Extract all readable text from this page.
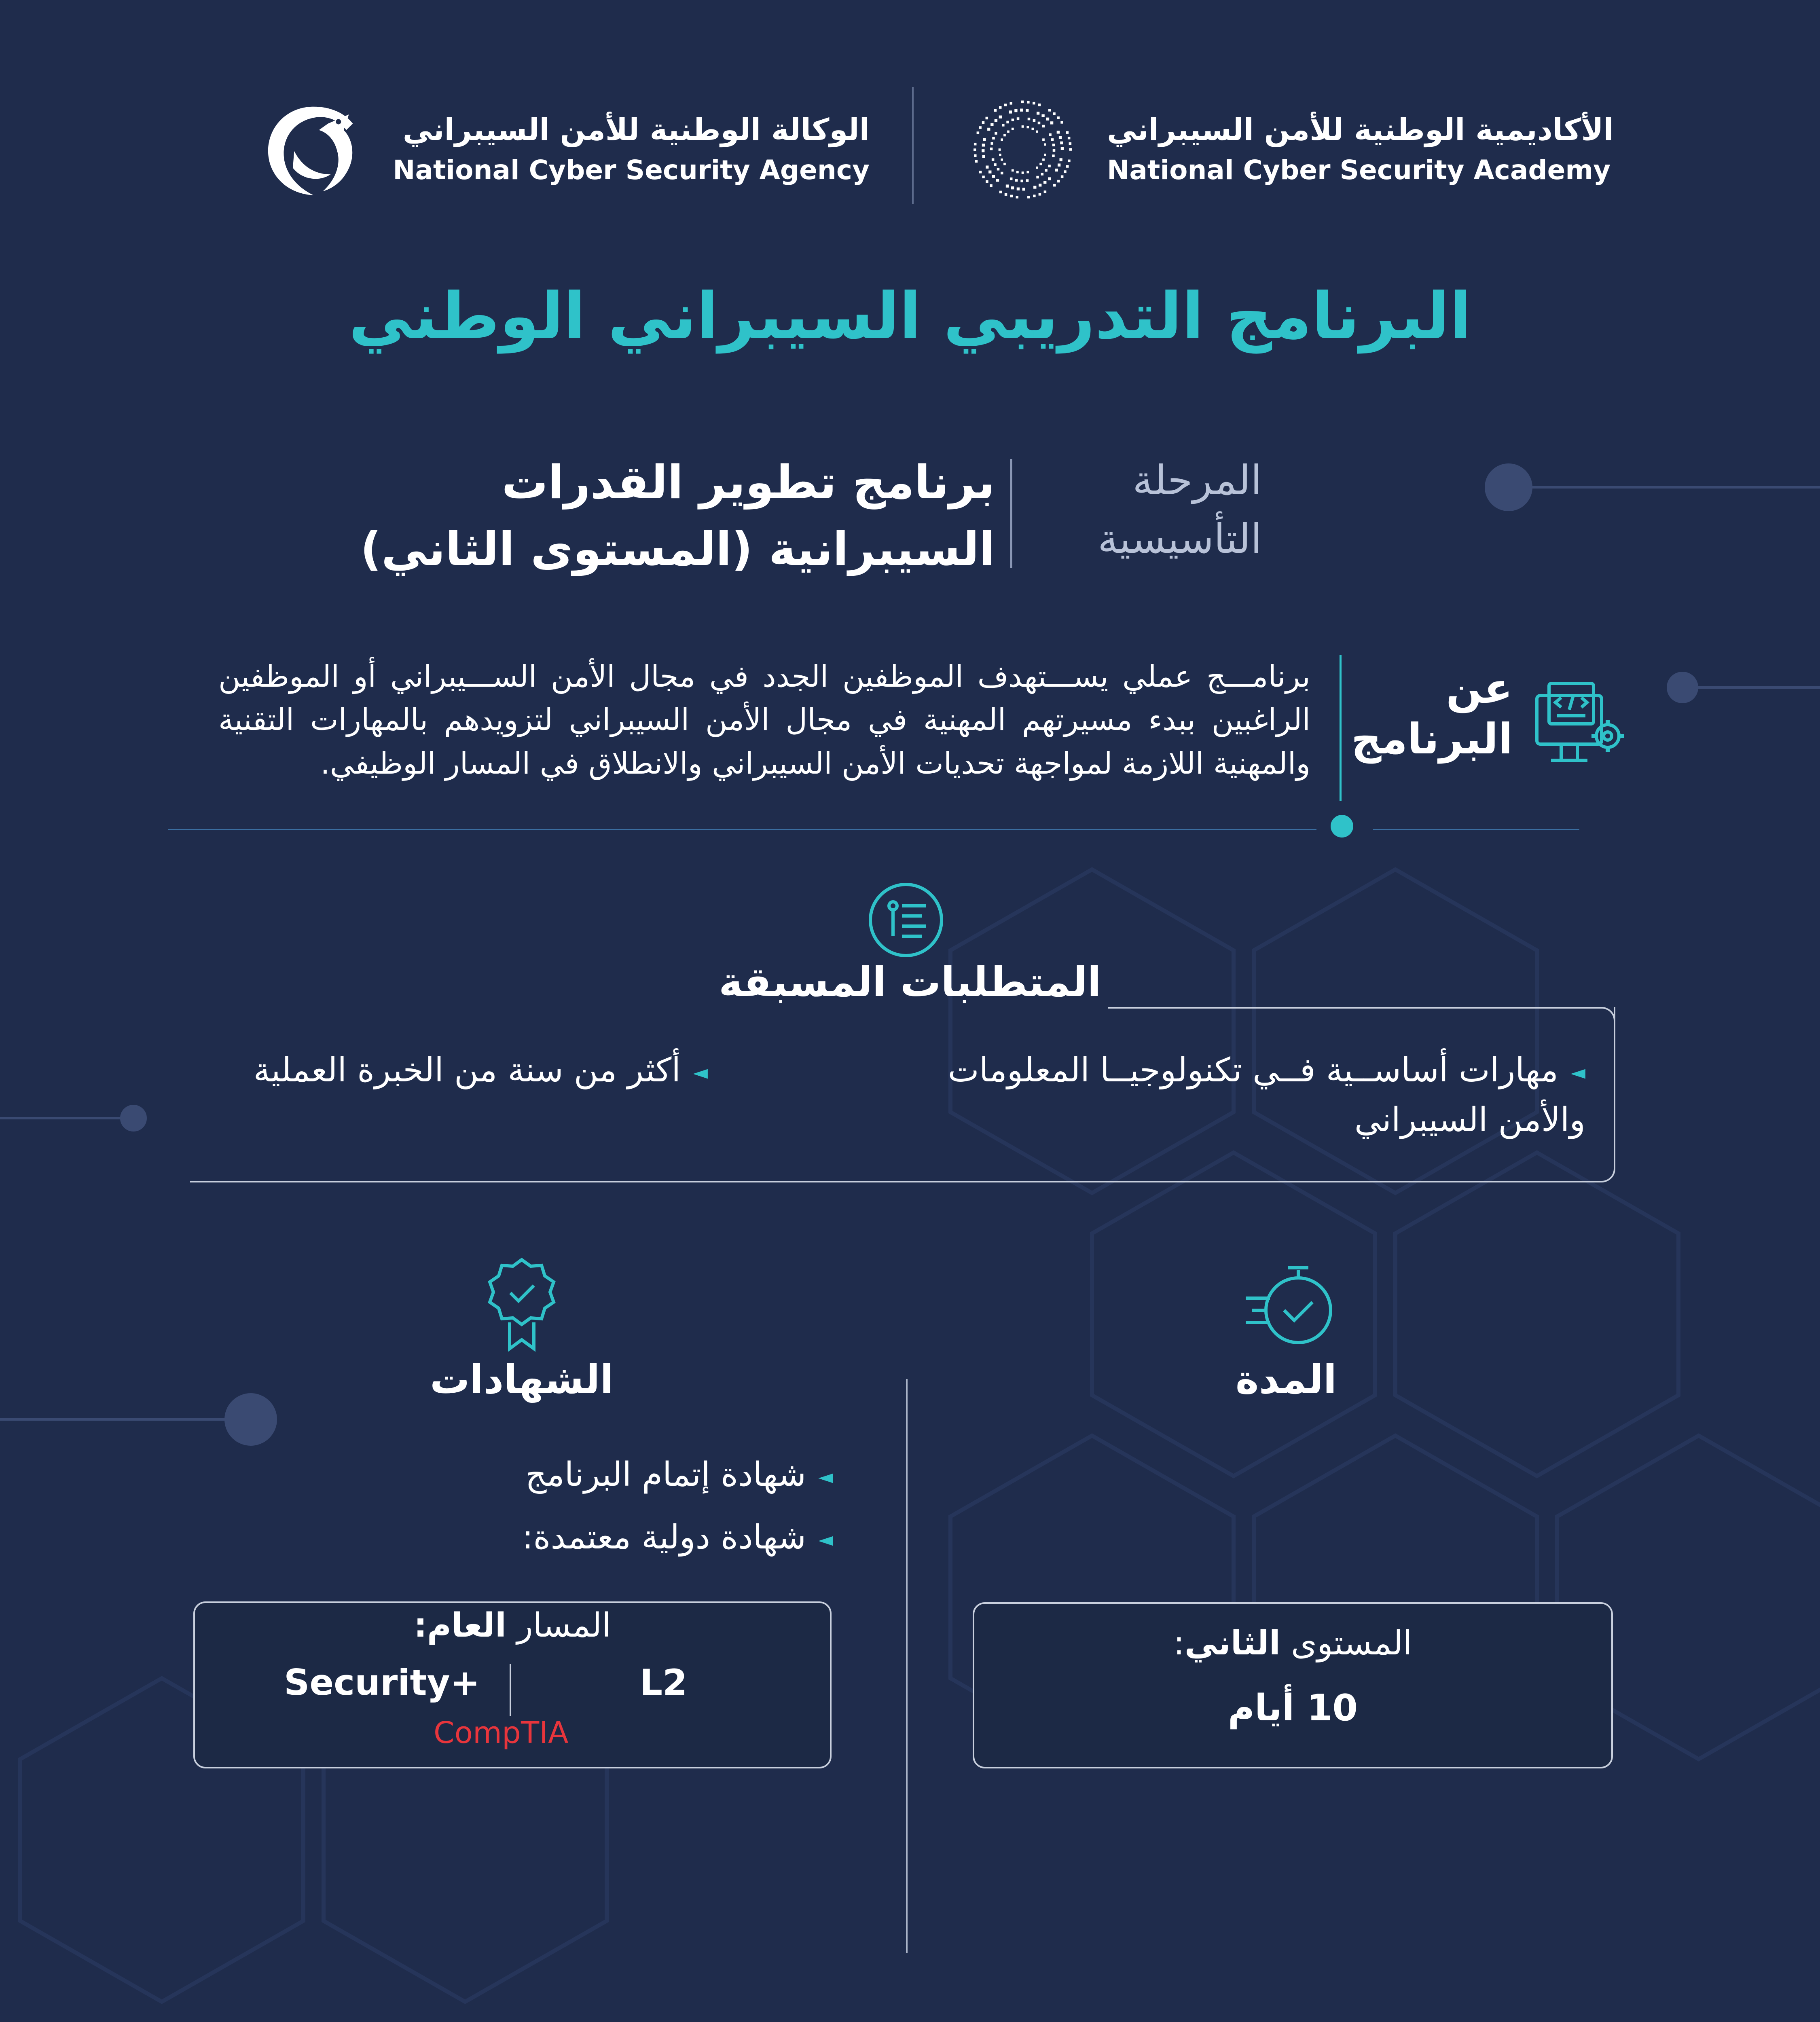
الأكاديمية الوطنية للأمن السيبراني
National Cyber Security Academy
الوكالة الوطنية للأمن السيبراني
National Cyber Security Agency
البرنامج التدريبي السيبراني الوطني
المرحلة
التأسيسية
برنامج تطوير القدرات
السيبرانية (المستوى الثاني)
عن
البرنامج
برنامـــج عملي يســـتهدف الموظفين الجدد في مجال الأمن الســـيبراني أو الموظفين الراغبين ببدء مسيرتهم المهنية في مجال الأمن السيبراني لتزويدهم بالمهارات التقنية والمهنية اللازمة لمواجهة تحديات الأمن السيبراني والانطلاق في المسار الوظيفي.
المتطلبات المسبقة
◄مهارات أساســية فــي تكنولوجيــا المعلومات والأمن السيبراني
◄أكثر من سنة من الخبرة العملية
الشهادات
◄شهادة إتمام البرنامج
◄شهادة دولية معتمدة:
المسار العام:
Security+	L2
CompTIA
المدة
المستوى الثاني:
10 أيام
